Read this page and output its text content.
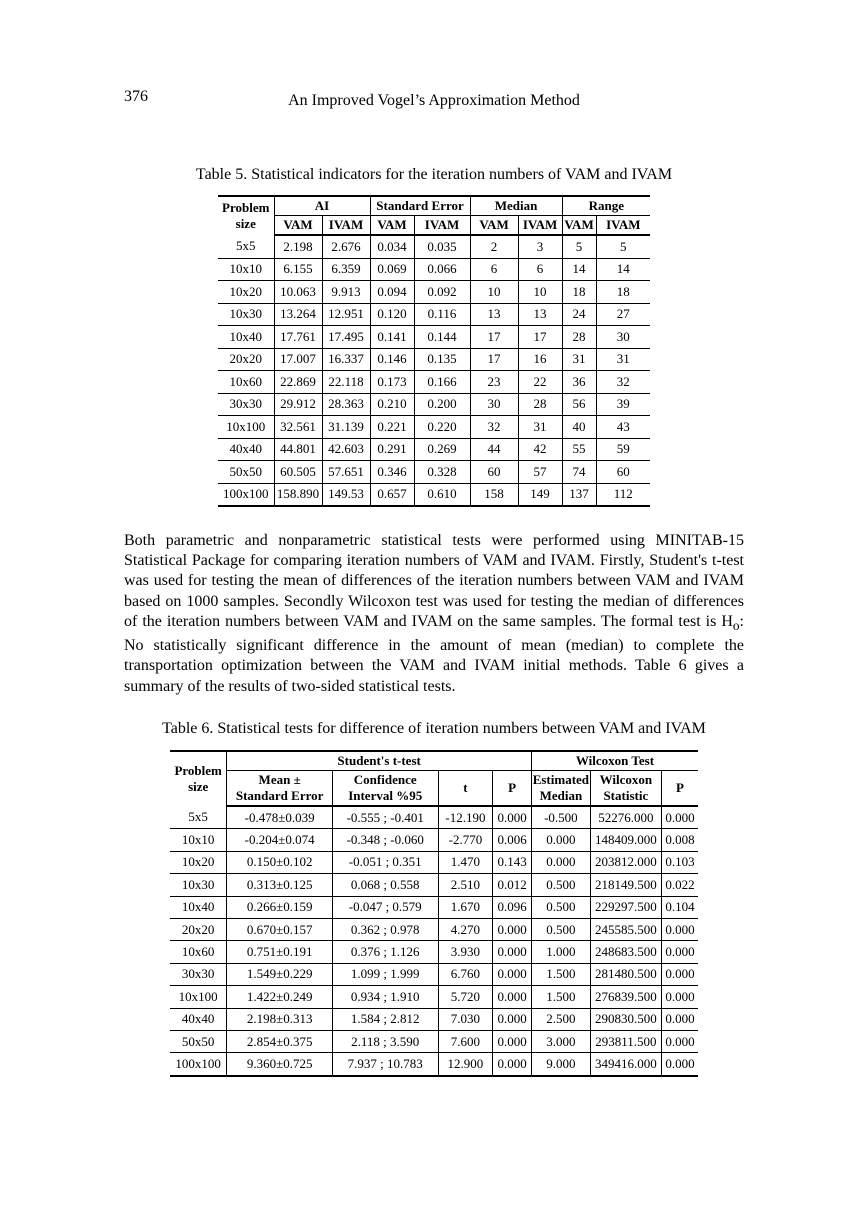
376	An Improved Vogel’s Approximation Method
Table 5. Statistical indicators for the iteration numbers of VAM and IVAM
Problem
size	AI		Standard Error		Median		Range	
	VAM	IVAM	VAM	IVAM	VAM	IVAM	VAM	IVAM
5x5	2.198	2.676	0.034	0.035	2	3	5	5
10x10	6.155	6.359	0.069	0.066	6	6	14	14
10x20	10.063	9.913	0.094	0.092	10	10	18	18
10x30	13.264	12.951	0.120	0.116	13	13	24	27
10x40	17.761	17.495	0.141	0.144	17	17	28	30
20x20	17.007	16.337	0.146	0.135	17	16	31	31
10x60	22.869	22.118	0.173	0.166	23	22	36	32
30x30	29.912	28.363	0.210	0.200	30	28	56	39
10x100	32.561	31.139	0.221	0.220	32	31	40	43
40x40	44.801	42.603	0.291	0.269	44	42	55	59
50x50	60.505	57.651	0.346	0.328	60	57	74	60
100x100	158.890	149.53	0.657	0.610	158	149	137	112

Both parametric and nonparametric statistical tests were performed using MINITAB-15 Statistical Package for comparing iteration numbers of VAM and IVAM. Firstly, Student's t-test was used for testing the mean of differences of the iteration numbers between VAM and IVAM based on 1000 samples. Secondly Wilcoxon test was used for testing the median of differences of the iteration numbers between VAM and IVAM on the same samples. The formal test is $H_o$: No statistically significant difference in the amount of mean (median) to complete the transportation optimization between the VAM and IVAM initial methods. Table 6 gives a summary of the results of two-sided statistical tests.

Table 6. Statistical tests for difference of iteration numbers between VAM and IVAM
Problem
size	Student's t-test				Wilcoxon Test		
	Mean ±
Standard Error	Confidence
Interval %95	t	P	Estimated
Median	Wilcoxon
Statistic	P
5x5	-0.478±0.039	-0.555 ; -0.401	-12.190	0.000	-0.500	52276.000	0.000
10x10	-0.204±0.074	-0.348 ; -0.060	-2.770	0.006	0.000	148409.000	0.008
10x20	0.150±0.102	-0.051 ; 0.351	1.470	0.143	0.000	203812.000	0.103
10x30	0.313±0.125	0.068 ; 0.558	2.510	0.012	0.500	218149.500	0.022
10x40	0.266±0.159	-0.047 ; 0.579	1.670	0.096	0.500	229297.500	0.104
20x20	0.670±0.157	0.362 ; 0.978	4.270	0.000	0.500	245585.500	0.000
10x60	0.751±0.191	0.376 ; 1.126	3.930	0.000	1.000	248683.500	0.000
30x30	1.549±0.229	1.099 ; 1.999	6.760	0.000	1.500	281480.500	0.000
10x100	1.422±0.249	0.934 ; 1.910	5.720	0.000	1.500	276839.500	0.000
40x40	2.198±0.313	1.584 ; 2.812	7.030	0.000	2.500	290830.500	0.000
50x50	2.854±0.375	2.118 ; 3.590	7.600	0.000	3.000	293811.500	0.000
100x100	9.360±0.725	7.937 ; 10.783	12.900	0.000	9.000	349416.000	0.000
